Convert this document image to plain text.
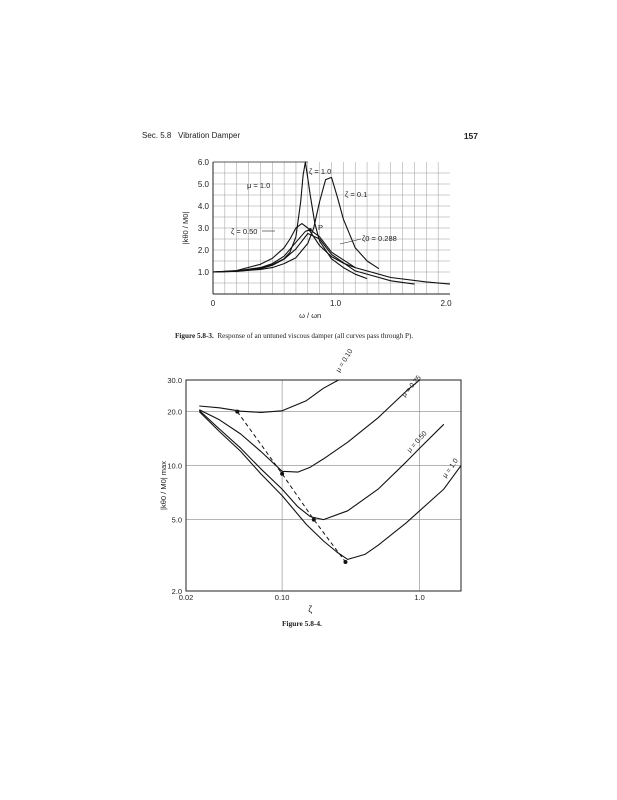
Sec. 5.8 Vibration Damper	157
1.0
2.0
3.0
4.0
5.0
6.0
0	1.0	2.0
μ = 1.0
ζ = 1.0
ζ = 0.1
ζ = 0.50	P
ζ0 = 0.288
|kθ0 / M0|
ω / ωn
Figure 5.8-3. Response of an untuned viscous damper (all curves pass through P).
2.0
5.0
10.0
20.0
30.0
0.02	0.10	1.0
μ = 0.10
μ = 0.25
μ = 0.50
μ = 1.0
|kθ0 / M0| max
ζ
Figure 5.8-4.
